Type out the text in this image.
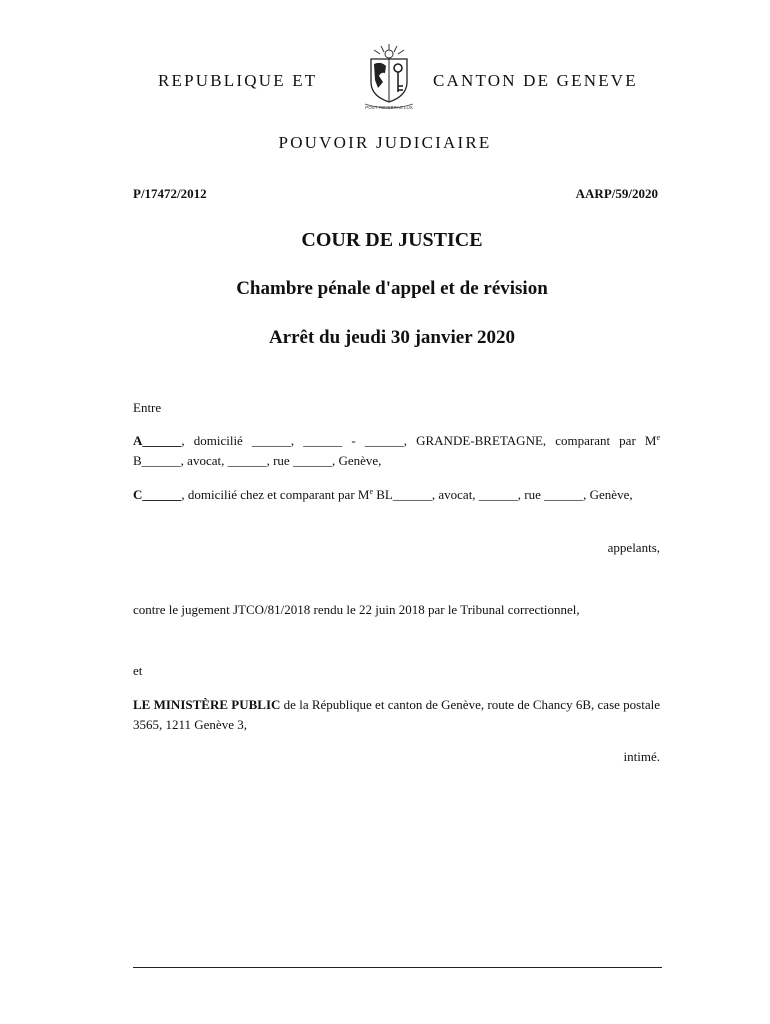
REPUBLIQUE ET
POST TENEBRAS LUX
CANTON DE GENEVE
POUVOIR JUDICIAIRE
P/17472/2012	AARP/59/2020
COUR DE JUSTICE
Chambre pénale d'appel et de révision
Arrêt du jeudi 30 janvier 2020
Entre
A______, domicilié ______, ______ - ______, GRANDE-BRETAGNE, comparant par Me B______, avocat, ______, rue ______, Genève,
C______, domicilié chez et comparant par Me BL______, avocat, ______, rue ______, Genève,
appelants,
contre le jugement JTCO/81/2018 rendu le 22 juin 2018 par le Tribunal correctionnel,
et
LE MINISTÈRE PUBLIC de la République et canton de Genève, route de Chancy 6B, case postale 3565, 1211 Genève 3,
intimé.
